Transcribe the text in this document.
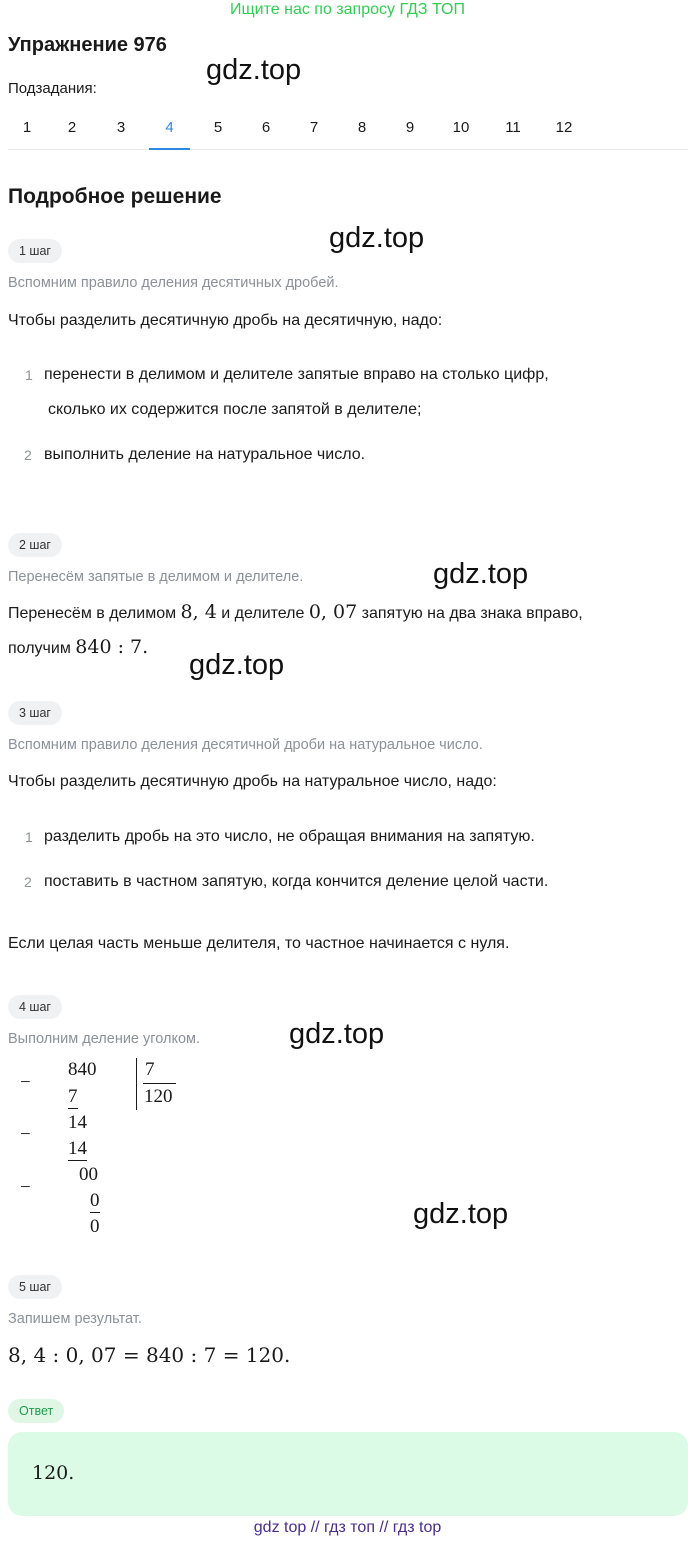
Ищите нас по запросу ГДЗ ТОП
Упражнение 976
gdz.top
Подзадания:
1	2	3	4	5	6	7	8	9	10	11	12
Подробное решение
gdz.top
1 шаг
Вспомним правило деления десятичных дробей.
Чтобы разделить десятичную дробь на десятичную, надо:
1 перенести в делимом и делителе запятые вправо на столько цифр,
сколько их содержится после запятой в делителе;
2 выполнить деление на натуральное число.
2 шаг
Перенесём запятые в делимом и делителе.	gdz.top
Перенесём в делимом 8, 4 и делителе 0, 07 запятую на два знака вправо,
получим 840 : 7.
gdz.top
3 шаг
Вспомним правило деления десятичной дроби на натуральное число.
Чтобы разделить десятичную дробь на натуральное число, надо:
1 разделить дробь на это число, не обращая внимания на запятую.
2 поставить в частном запятую, когда кончится деление целой части.
Если целая часть меньше делителя, то частное начинается с нуля.
4 шаг
Выполним деление уголком.	gdz.top
−
840	7
120
7
−
14
14
−
00
0
0	gdz.top
5 шаг
Запишем результат.
8, 4 : 0, 07 = 840 : 7 = 120.
Ответ
120.
gdz top // гдз топ // гдз top
